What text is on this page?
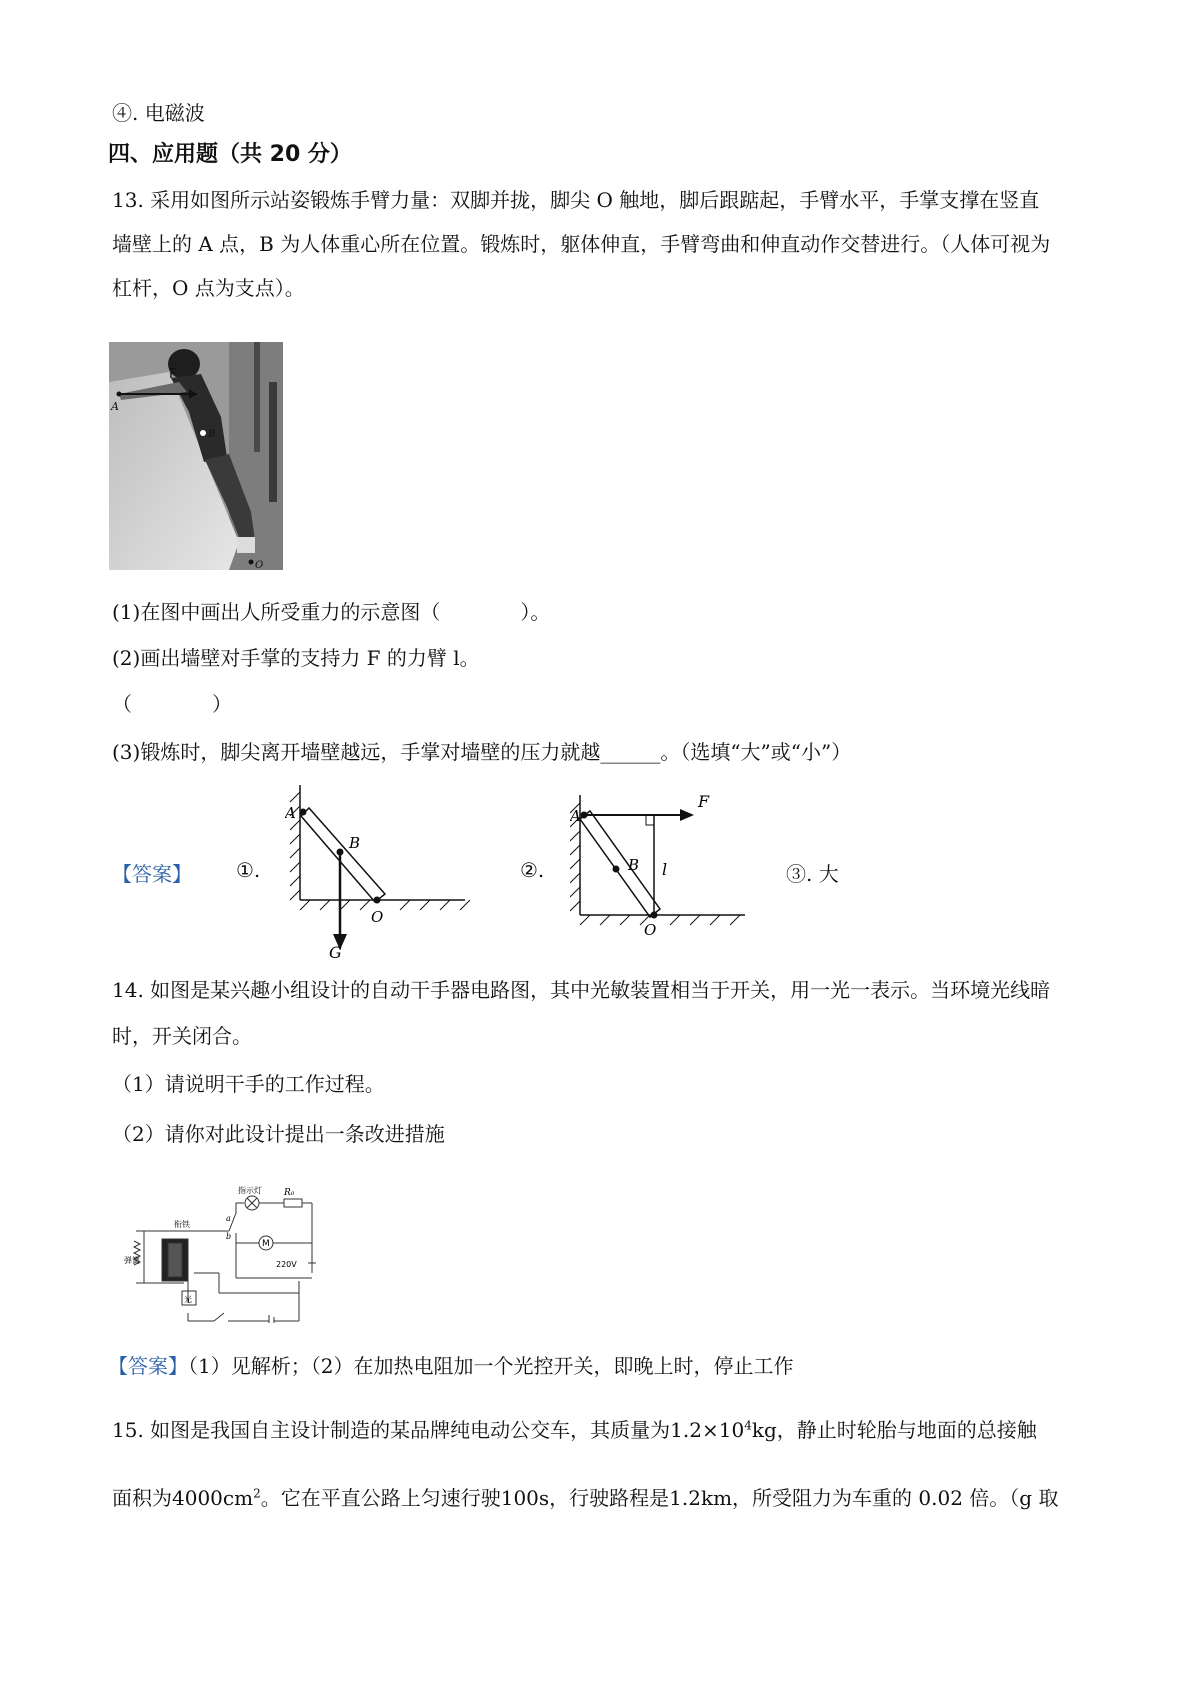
④. 电磁波
四、应用题（共 20 分）
13. 采用如图所示站姿锻炼手臂力量：双脚并拢，脚尖 O 触地，脚后跟踮起，手臂水平，手掌支撑在竖直
墙壁上的 A 点，B 为人体重心所在位置。锻炼时，躯体伸直，手臂弯曲和伸直动作交替进行。（人体可视为
杠杆，O 点为支点）。
F
A
B
O
(1)在图中画出人所受重力的示意图（　　　　）。
(2)画出墙壁对手掌的支持力 F 的力臂 l。
（　　　　）
(3)锻炼时，脚尖离开墙壁越远，手掌对墙壁的压力就越______。（选填“大”或“小”）
【答案】 ①.
A
B
O
G
②.
A
B
O
F
l	③. 大
14. 如图是某兴趣小组设计的自动干手器电路图，其中光敏装置相当于开关，用一光一表示。当环境光线暗
时，开关闭合。
（1）请说明干手的工作过程。
（2）请你对此设计提出一条改进措施
弹簧
衔铁
指示灯 R₀
a
b
M
220V
光
【答案】（1）见解析；（2）在加热电阻加一个光控开关，即晚上时，停止工作
15. 如图是我国自主设计制造的某品牌纯电动公交车，其质量为$1.2\times 10^4kg$，静止时轮胎与地面的总接触
面积为$4000cm^2$。它在平直公路上匀速行驶100s，行驶路程是1.2km，所受阻力为车重的 0.02 倍。（g 取
